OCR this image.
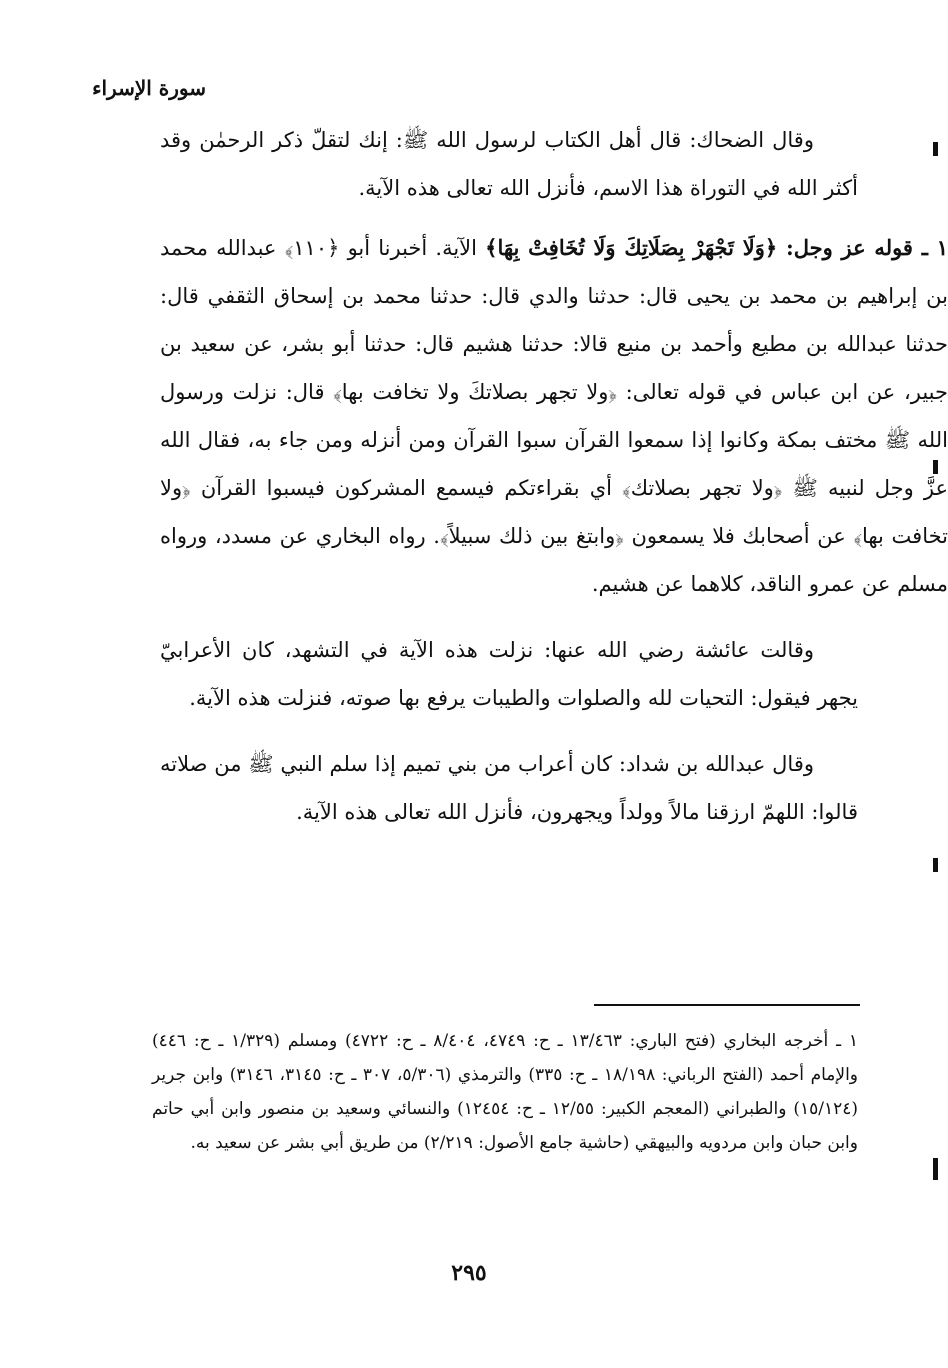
سورة الإسراء

وقال الضحاك: قال أهل الكتاب لرسول الله ﷺ: إنك لتقلّ ذكر الرحمٰن وقد أكثر الله في التوراة هذا الاسم، فأنزل الله تعالى هذه الآية.

١ ـ قوله عز وجل: ﴿وَلَا تَجْهَرْ بِصَلَاتِكَ وَلَا تُخَافِتْ بِهَا﴾ الآية. أخبرنا أبو ﴿١١٠﴾ عبدالله محمد بن إبراهيم بن محمد بن يحيى قال: حدثنا والدي قال: حدثنا محمد بن إسحاق الثقفي قال: حدثنا عبدالله بن مطيع وأحمد بن منيع قالا: حدثنا هشيم قال: حدثنا أبو بشر، عن سعيد بن جبير، عن ابن عباس في قوله تعالى: ﴿ولا تجهر بصلاتكَ ولا تخافت بها﴾ قال: نزلت ورسول الله ﷺ مختف بمكة وكانوا إذا سمعوا القرآن سبوا القرآن ومن أنزله ومن جاء به، فقال الله عزَّ وجل لنبيه ﷺ ﴿ولا تجهر بصلاتك﴾ أي بقراءتكم فيسمع المشركون فيسبوا القرآن ﴿ولا تخافت بها﴾ عن أصحابك فلا يسمعون ﴿وابتغ بين ذلك سبيلاً﴾. رواه البخاري عن مسدد، ورواه مسلم عن عمرو الناقد، كلاهما عن هشيم.

وقالت عائشة رضي الله عنها: نزلت هذه الآية في التشهد، كان الأعرابيّ يجهر فيقول: التحيات لله والصلوات والطيبات يرفع بها صوته، فنزلت هذه الآية.

وقال عبدالله بن شداد: كان أعراب من بني تميم إذا سلم النبي ﷺ من صلاته قالوا: اللهمّ ارزقنا مالاً وولداً ويجهرون، فأنزل الله تعالى هذه الآية.

١ ـ أخرجه البخاري (فتح الباري: ١٣/٤٦٣ ـ ح: ٤٧٤٩، ٨/٤٠٤ ـ ح: ٤٧٢٢) ومسلم (١/٣٢٩ ـ ح: ٤٤٦) والإمام أحمد (الفتح الرباني: ١٨/١٩٨ ـ ح: ٣٣٥) والترمذي (٥/٣٠٦، ٣٠٧ ـ ح: ٣١٤٥، ٣١٤٦) وابن جرير (١٥/١٢٤) والطبراني (المعجم الكبير: ١٢/٥٥ ـ ح: ١٢٤٥٤) والنسائي وسعيد بن منصور وابن أبي حاتم وابن حبان وابن مردويه والبيهقي (حاشية جامع الأصول: ٢/٢١٩) من طريق أبي بشر عن سعيد به.

٢٩٥
